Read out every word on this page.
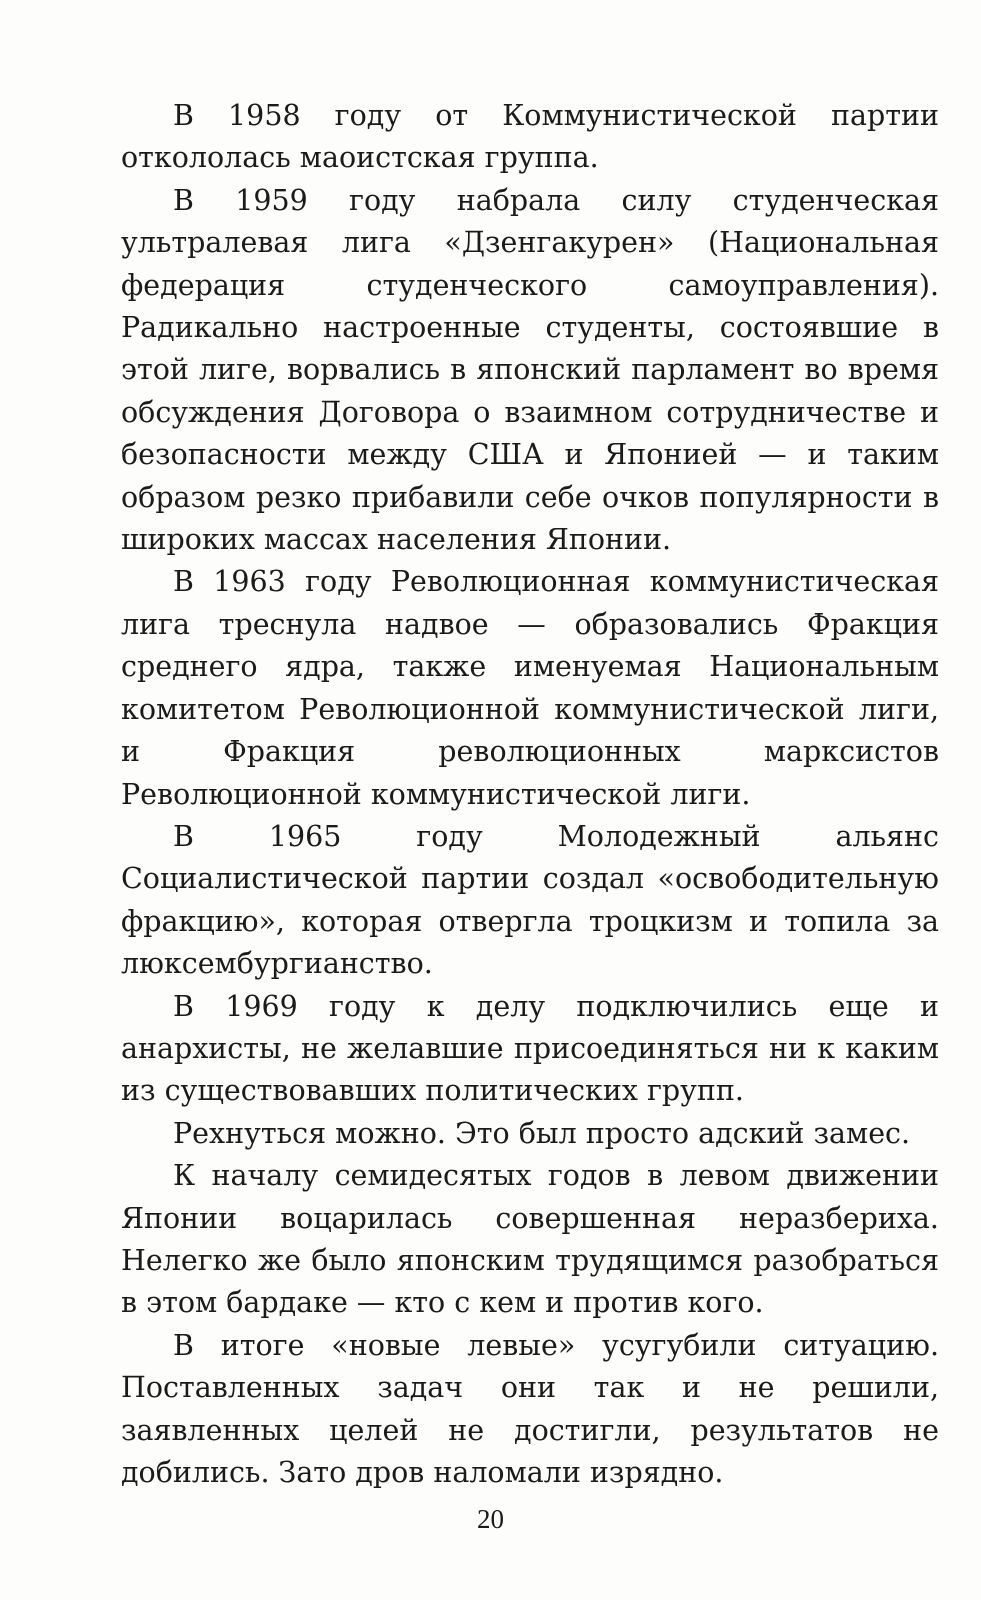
В 1958 году от Коммунистической партии откололась маоистская группа.

В 1959 году набрала силу студенческая ультралевая лига «Дзенгакурен» (Национальная федерация студенческого самоуправления). Радикально настроенные студенты, состоявшие в этой лиге, ворвались в японский парламент во время обсуждения Договора о взаимном сотрудничестве и безопасности между США и Японией — и таким образом резко прибавили себе очков популярности в широких массах населения Японии.

В 1963 году Революционная коммунистическая лига треснула надвое — образовались Фракция среднего ядра, также именуемая Национальным комитетом Революционной коммунистической лиги, и Фракция революционных марксистов Революционной коммунистической лиги.

В 1965 году Молодежный альянс Социалистической партии создал «освободительную фракцию», которая отвергла троцкизм и топила за люксембургианство.

В 1969 году к делу подключились еще и анархисты, не желавшие присоединяться ни к каким из существовавших политических групп.

Рехнуться можно. Это был просто адский замес.

К началу семидесятых годов в левом движении Японии воцарилась совершенная неразбериха. Нелегко же было японским трудящимся разобраться в этом бардаке — кто с кем и против кого.

В итоге «новые левые» усугубили ситуацию. Поставленных задач они так и не решили, заявленных целей не достигли, результатов не добились. Зато дров наломали изрядно.

20
